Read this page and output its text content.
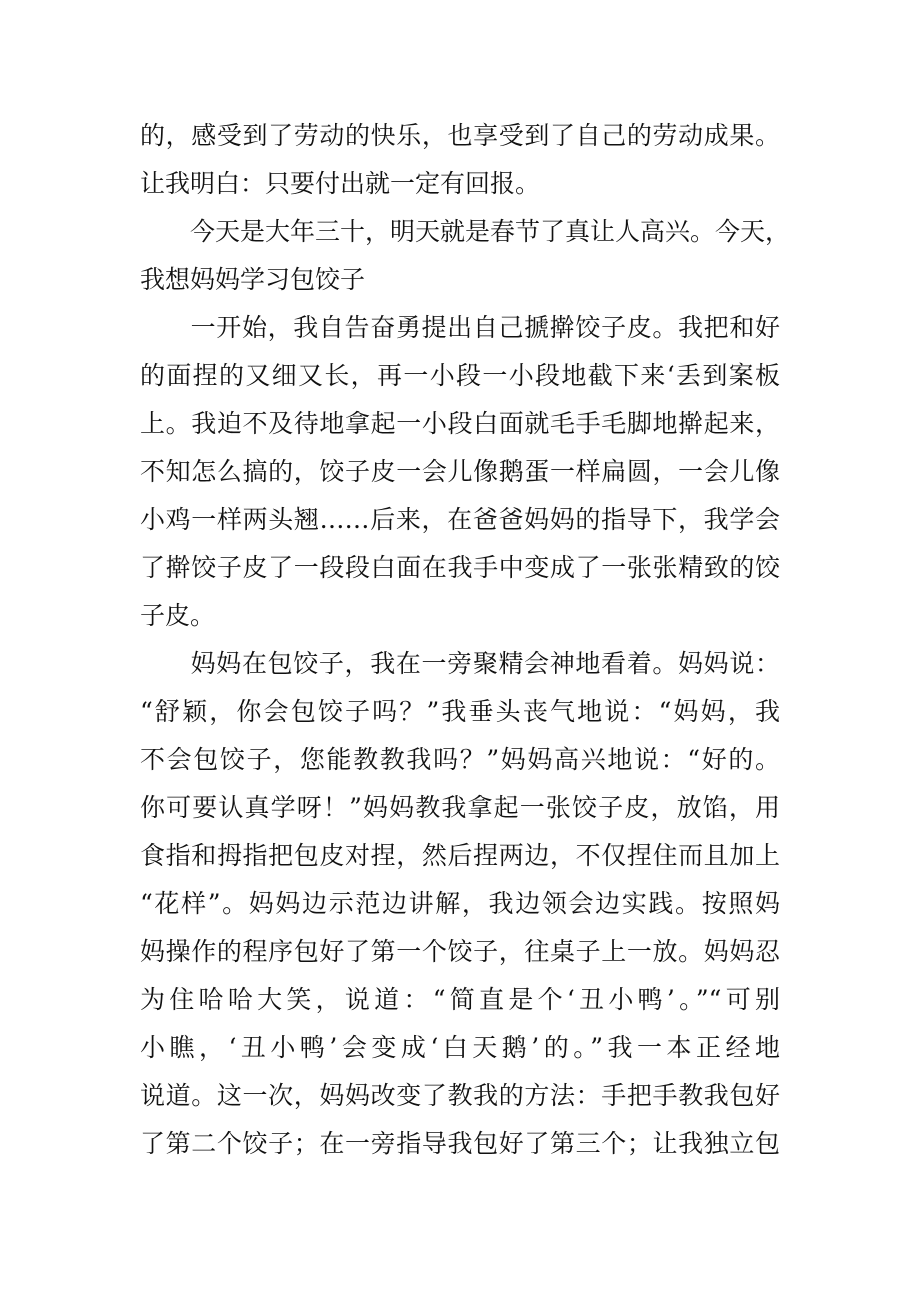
的，感受到了劳动的快乐，也享受到了自己的劳动成果。
让我明白：只要付出就一定有回报。

今天是大年三十，明天就是春节了真让人高兴。今天，
我想妈妈学习包饺子

一开始，我自告奋勇提出自己搋擀饺子皮。我把和好
的面捏的又细又长，再一小段一小段地截下来‘丢到案板
上。我迫不及待地拿起一小段白面就毛手毛脚地擀起来，
不知怎么搞的，饺子皮一会儿像鹅蛋一样扁圆，一会儿像
小鸡一样两头翘……后来，在爸爸妈妈的指导下，我学会
了擀饺子皮了一段段白面在我手中变成了一张张精致的饺
子皮。

妈妈在包饺子，我在一旁聚精会神地看着。妈妈说：
“舒颖，你会包饺子吗？”我垂头丧气地说：“妈妈，我
不会包饺子，您能教教我吗？”妈妈高兴地说：“好的。
你可要认真学呀！”妈妈教我拿起一张饺子皮，放馅，用
食指和拇指把包皮对捏，然后捏两边，不仅捏住而且加上
“花样”。妈妈边示范边讲解，我边领会边实践。按照妈
妈操作的程序包好了第一个饺子，往桌子上一放。妈妈忍
为住哈哈大笑，说道：“简直是个‘丑小鸭’。”“可别
小瞧，‘丑小鸭’会变成‘白天鹅’的。”我一本正经地
说道。这一次，妈妈改变了教我的方法：手把手教我包好
了第二个饺子；在一旁指导我包好了第三个；让我独立包
